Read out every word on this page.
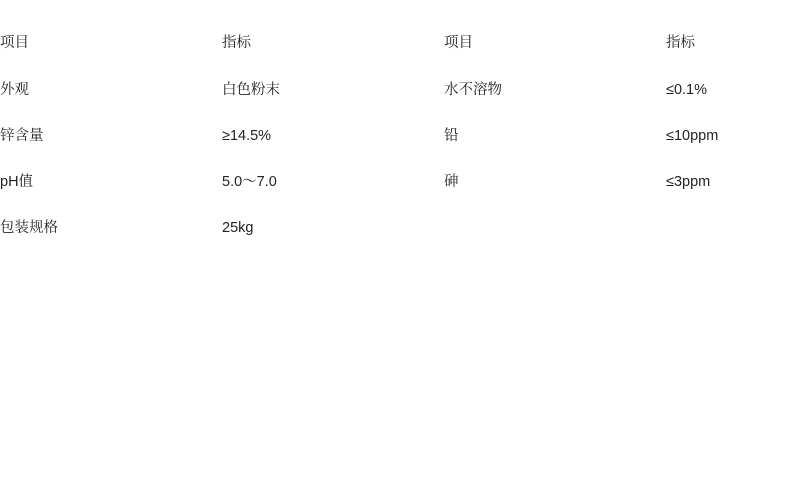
项目	指标	项目	指标
外观	白色粉末	水不溶物	≤0.1%
锌含量	≥14.5%	铅	≤10ppm
pH值	5.0～7.0	砷	≤3ppm
包装规格	25kg		
